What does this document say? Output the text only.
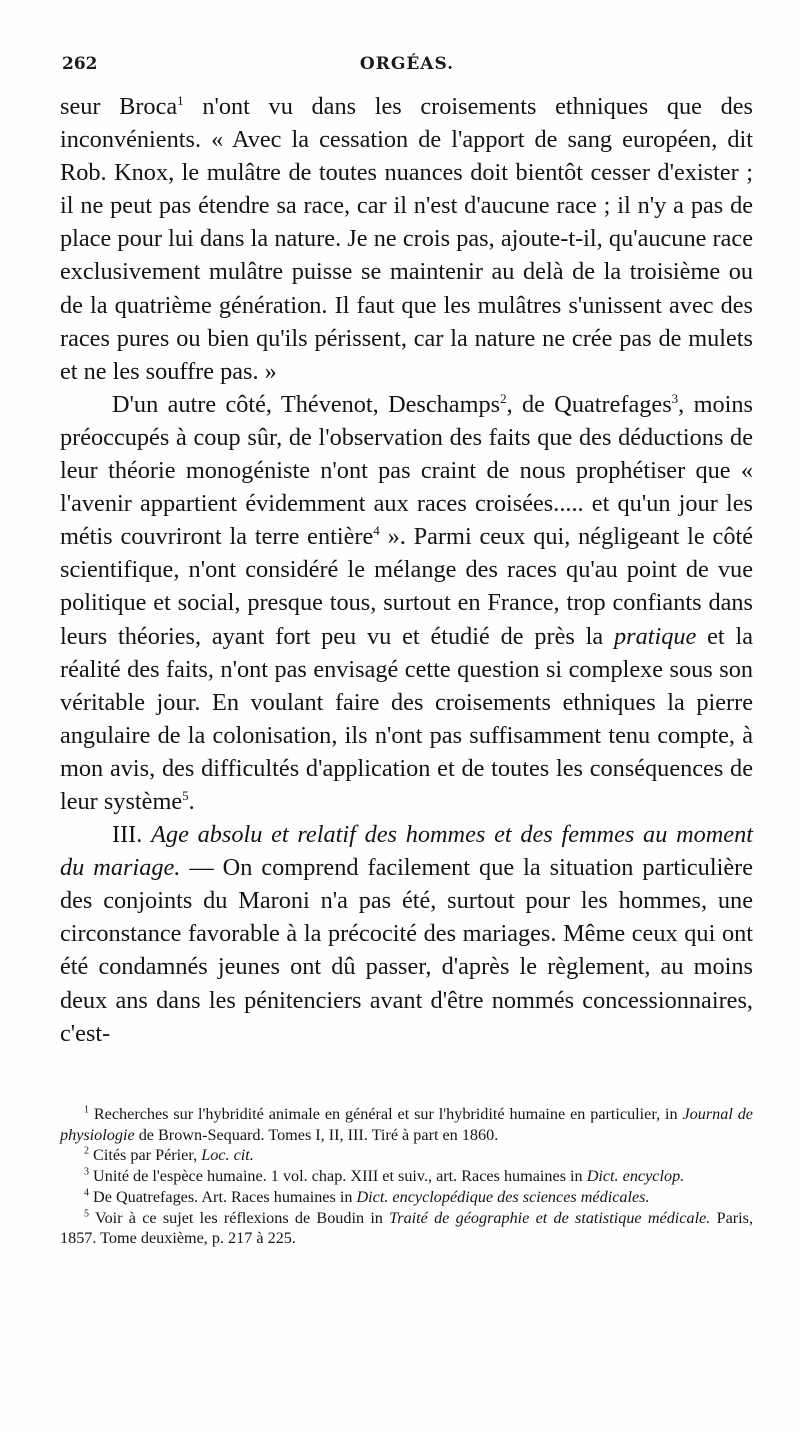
262	ORGÉAS.

seur Broca$^1$ n'ont vu dans les croisements ethniques que des inconvénients. « Avec la cessation de l'apport de sang européen, dit Rob. Knox, le mulâtre de toutes nuances doit bientôt cesser d'exister ; il ne peut pas étendre sa race, car il n'est d'aucune race ; il n'y a pas de place pour lui dans la nature. Je ne crois pas, ajoute-t-il, qu'aucune race exclusivement mulâtre puisse se maintenir au delà de la troisième ou de la quatrième génération. Il faut que les mulâtres s'unissent avec des races pures ou bien qu'ils périssent, car la nature ne crée pas de mulets et ne les souffre pas. »

D'un autre côté, Thévenot, Deschamps$^2$, de Quatrefages$^3$, moins préoccupés à coup sûr, de l'observation des faits que des déductions de leur théorie monogéniste n'ont pas craint de nous prophétiser que « l'avenir appartient évidemment aux races croisées..... et qu'un jour les métis couvriront la terre entière$^4$ ». Parmi ceux qui, négligeant le côté scientifique, n'ont considéré le mélange des races qu'au point de vue politique et social, presque tous, surtout en France, trop confiants dans leurs théories, ayant fort peu vu et étudié de près la pratique et la réalité des faits, n'ont pas envisagé cette question si complexe sous son véritable jour. En voulant faire des croisements ethniques la pierre angulaire de la colonisation, ils n'ont pas suffisamment tenu compte, à mon avis, des difficultés d'application et de toutes les conséquences de leur système$^5$.

III. Age absolu et relatif des hommes et des femmes au moment du mariage. — On comprend facilement que la situation particulière des conjoints du Maroni n'a pas été, surtout pour les hommes, une circonstance favorable à la précocité des mariages. Même ceux qui ont été condamnés jeunes ont dû passer, d'après le règlement, au moins deux ans dans les pénitenciers avant d'être nommés concessionnaires, c'est-

$^1$ Recherches sur l'hybridité animale en général et sur l'hybridité humaine en particulier, in Journal de physiologie de Brown-Sequard. Tomes I, II, III. Tiré à part en 1860.

$^2$ Cités par Périer, Loc. cit.

$^3$ Unité de l'espèce humaine. 1 vol. chap. XIII et suiv., art. Races humaines in Dict. encyclop.

$^4$ De Quatrefages. Art. Races humaines in Dict. encyclopédique des sciences médicales.

$^5$ Voir à ce sujet les réflexions de Boudin in Traité de géographie et de statistique médicale. Paris, 1857. Tome deuxième, p. 217 à 225.
